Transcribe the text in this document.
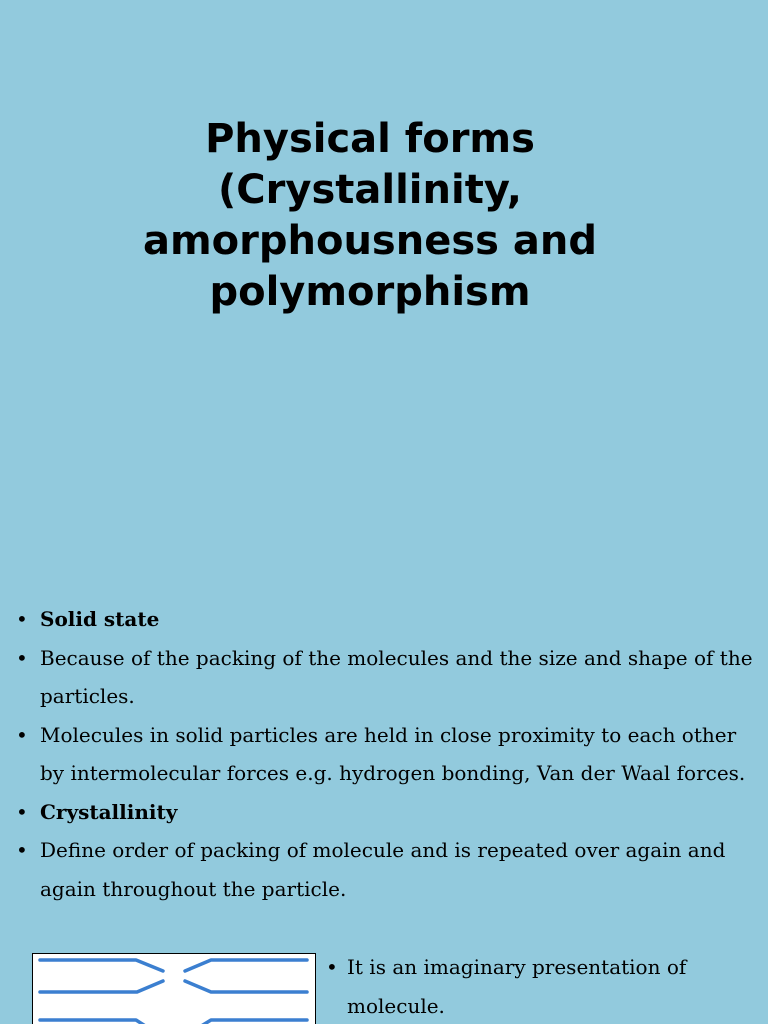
Physical forms (Crystallinity, amorphousness and polymorphism
• Solid state
• Because of the packing of the molecules and the size and shape of the particles.
• Molecules in solid particles are held in close proximity to each other by intermolecular forces e.g. hydrogen bonding, Van der Waal forces.
• Crystallinity
• Define order of packing of molecule and is repeated over again and again throughout the particle.
• It is an imaginary presentation of molecule.
